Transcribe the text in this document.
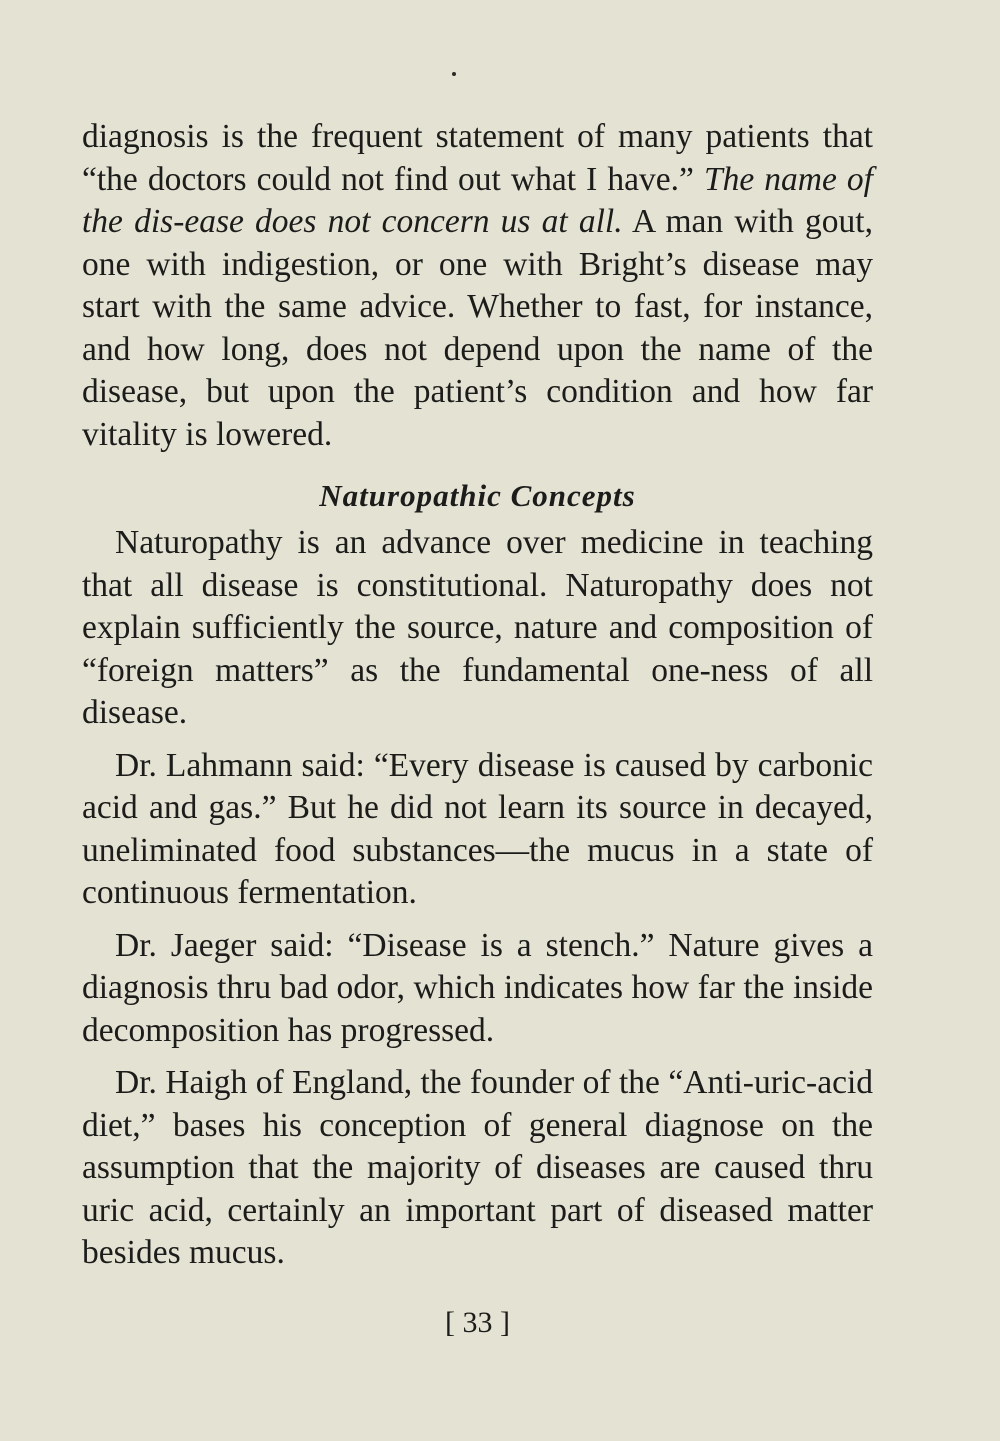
diagnosis is the frequent statement of many patients that “the doctors could not find out what I have.” The name of the dis-ease does not concern us at all. A man with gout, one with indigestion, or one with Bright’s disease may start with the same advice. Whether to fast, for instance, and how long, does not depend upon the name of the disease, but upon the patient’s condition and how far vitality is lowered.

Naturopathic Concepts

Naturopathy is an advance over medicine in teaching that all disease is constitutional. Naturopathy does not explain sufficiently the source, nature and composition of “foreign matters” as the fundamental one-ness of all disease.

Dr. Lahmann said: “Every disease is caused by carbonic acid and gas.” But he did not learn its source in decayed, uneliminated food substances—the mucus in a state of continuous fermentation.

Dr. Jaeger said: “Disease is a stench.” Nature gives a diagnosis thru bad odor, which indicates how far the inside decomposition has progressed.

Dr. Haigh of England, the founder of the “Anti-uric-acid diet,” bases his conception of general diagnose on the assumption that the majority of diseases are caused thru uric acid, certainly an important part of diseased matter besides mucus.

[ 33 ]
